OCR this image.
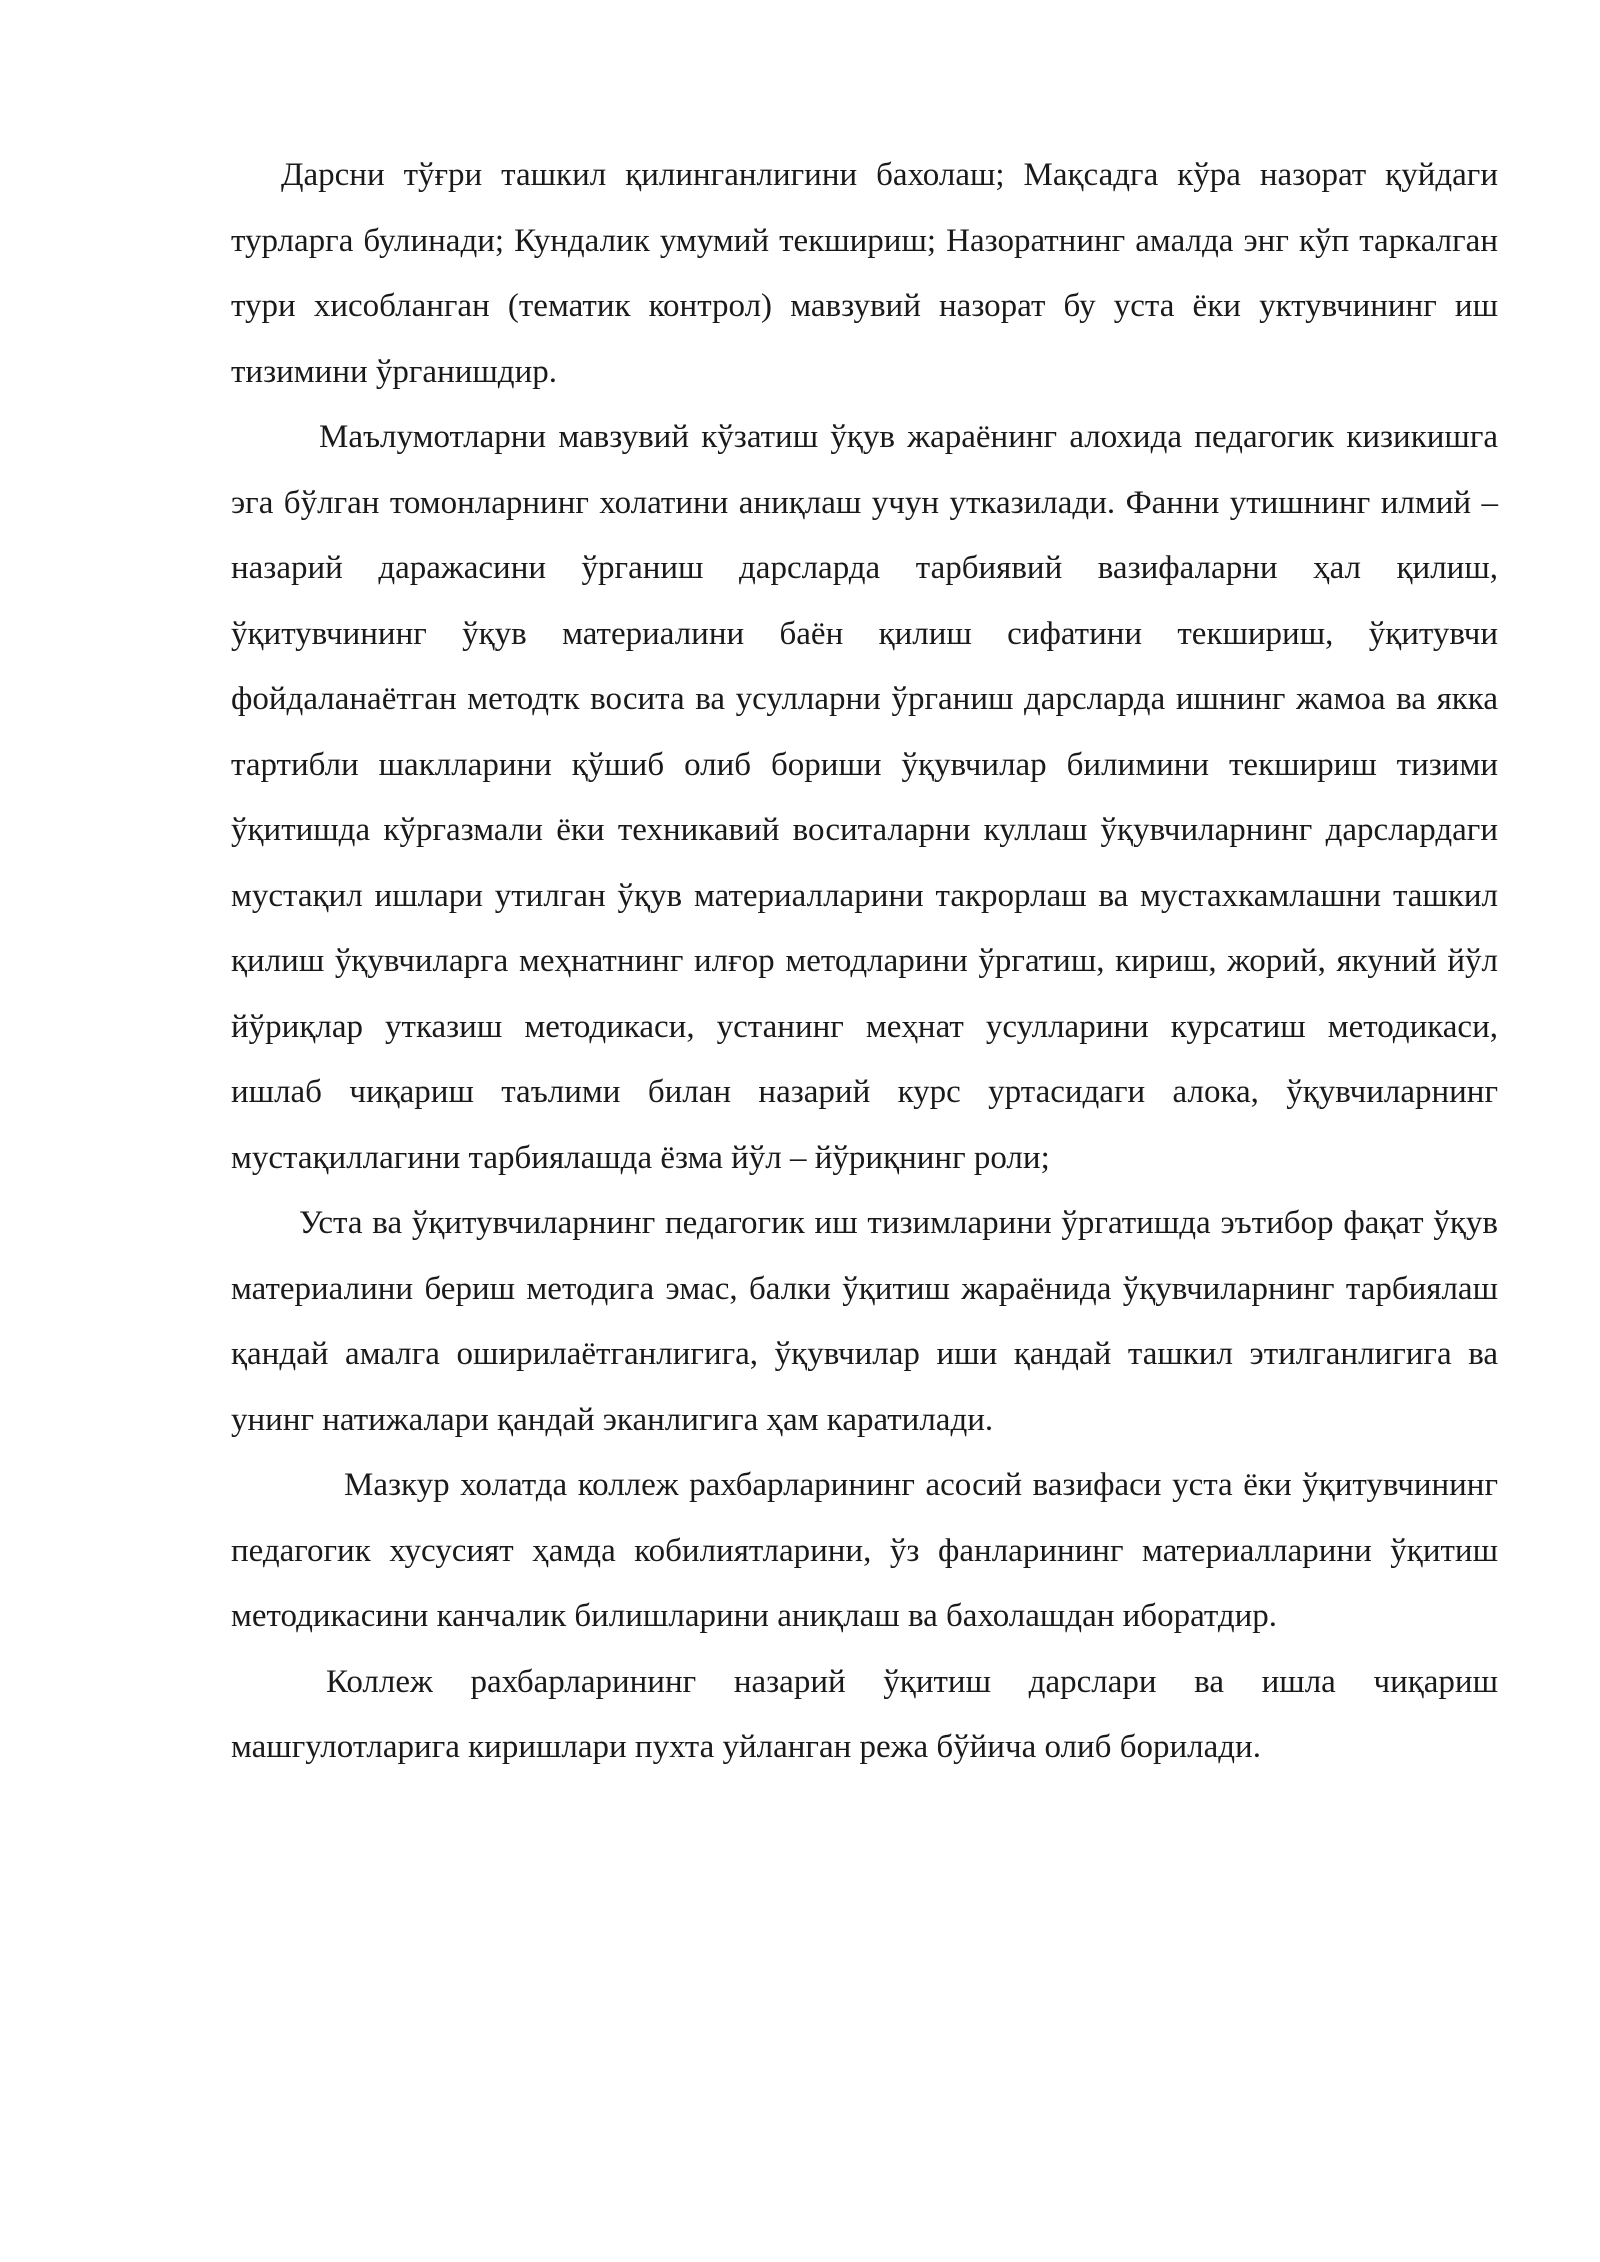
Дарсни тўғри ташкил қилинганлигини бахолаш; Мақсадга кўра назорат қуйдаги турларга булинади; Кундалик умумий текшириш; Назоратнинг амалда энг кўп таркалган тури хисобланган (тематик контрол) мавзувий назорат бу уста ёки уктувчининг иш тизимини ўрганишдир.

Маълумотларни мавзувий кўзатиш ўқув жараёнинг алохида педагогик кизикишга эга бўлган томонларнинг холатини аниқлаш учун утказилади. Фанни утишнинг илмий – назарий даражасини ўрганиш дарсларда тарбиявий вазифаларни ҳал қилиш, ўқитувчининг ўқув материалини баён қилиш сифатини текшириш, ўқитувчи фойдаланаётган методтк восита ва усулларни ўрганиш дарсларда ишнинг жамоа ва якка тартибли шаклларини қўшиб олиб бориши ўқувчилар билимини текшириш тизими ўқитишда кўргазмали ёки техникавий воситаларни куллаш ўқувчиларнинг дарслардаги мустақил ишлари утилган ўқув материалларини такрорлаш ва мустахкамлашни ташкил қилиш ўқувчиларга меҳнатнинг илғор методларини ўргатиш, кириш, жорий, якуний йўл йўриқлар утказиш методикаси, устанинг меҳнат усулларини курсатиш методикаси, ишлаб чиқариш таълими билан назарий курс уртасидаги алока, ўқувчиларнинг мустақиллагини тарбиялашда ёзма йўл – йўриқнинг роли;

Уста ва ўқитувчиларнинг педагогик иш тизимларини ўргатишда эътибор фақат ўқув материалини бериш методига эмас, балки ўқитиш жараёнида ўқувчиларнинг тарбиялаш қандай амалга оширилаётганлигига, ўқувчилар иши қандай ташкил этилганлигига ва унинг натижалари қандай эканлигига ҳам каратилади.

Мазкур холатда коллеж рахбарларининг асосий вазифаси уста ёки ўқитувчининг педагогик хусусият ҳамда кобилиятларини, ўз фанларининг материалларини ўқитиш методикасини канчалик билишларини аниқлаш ва бахолашдан иборатдир.

Коллеж рахбарларининг назарий ўқитиш дарслари ва ишла чиқариш машгулотларига киришлари пухта уйланган режа бўйича олиб борилади.
